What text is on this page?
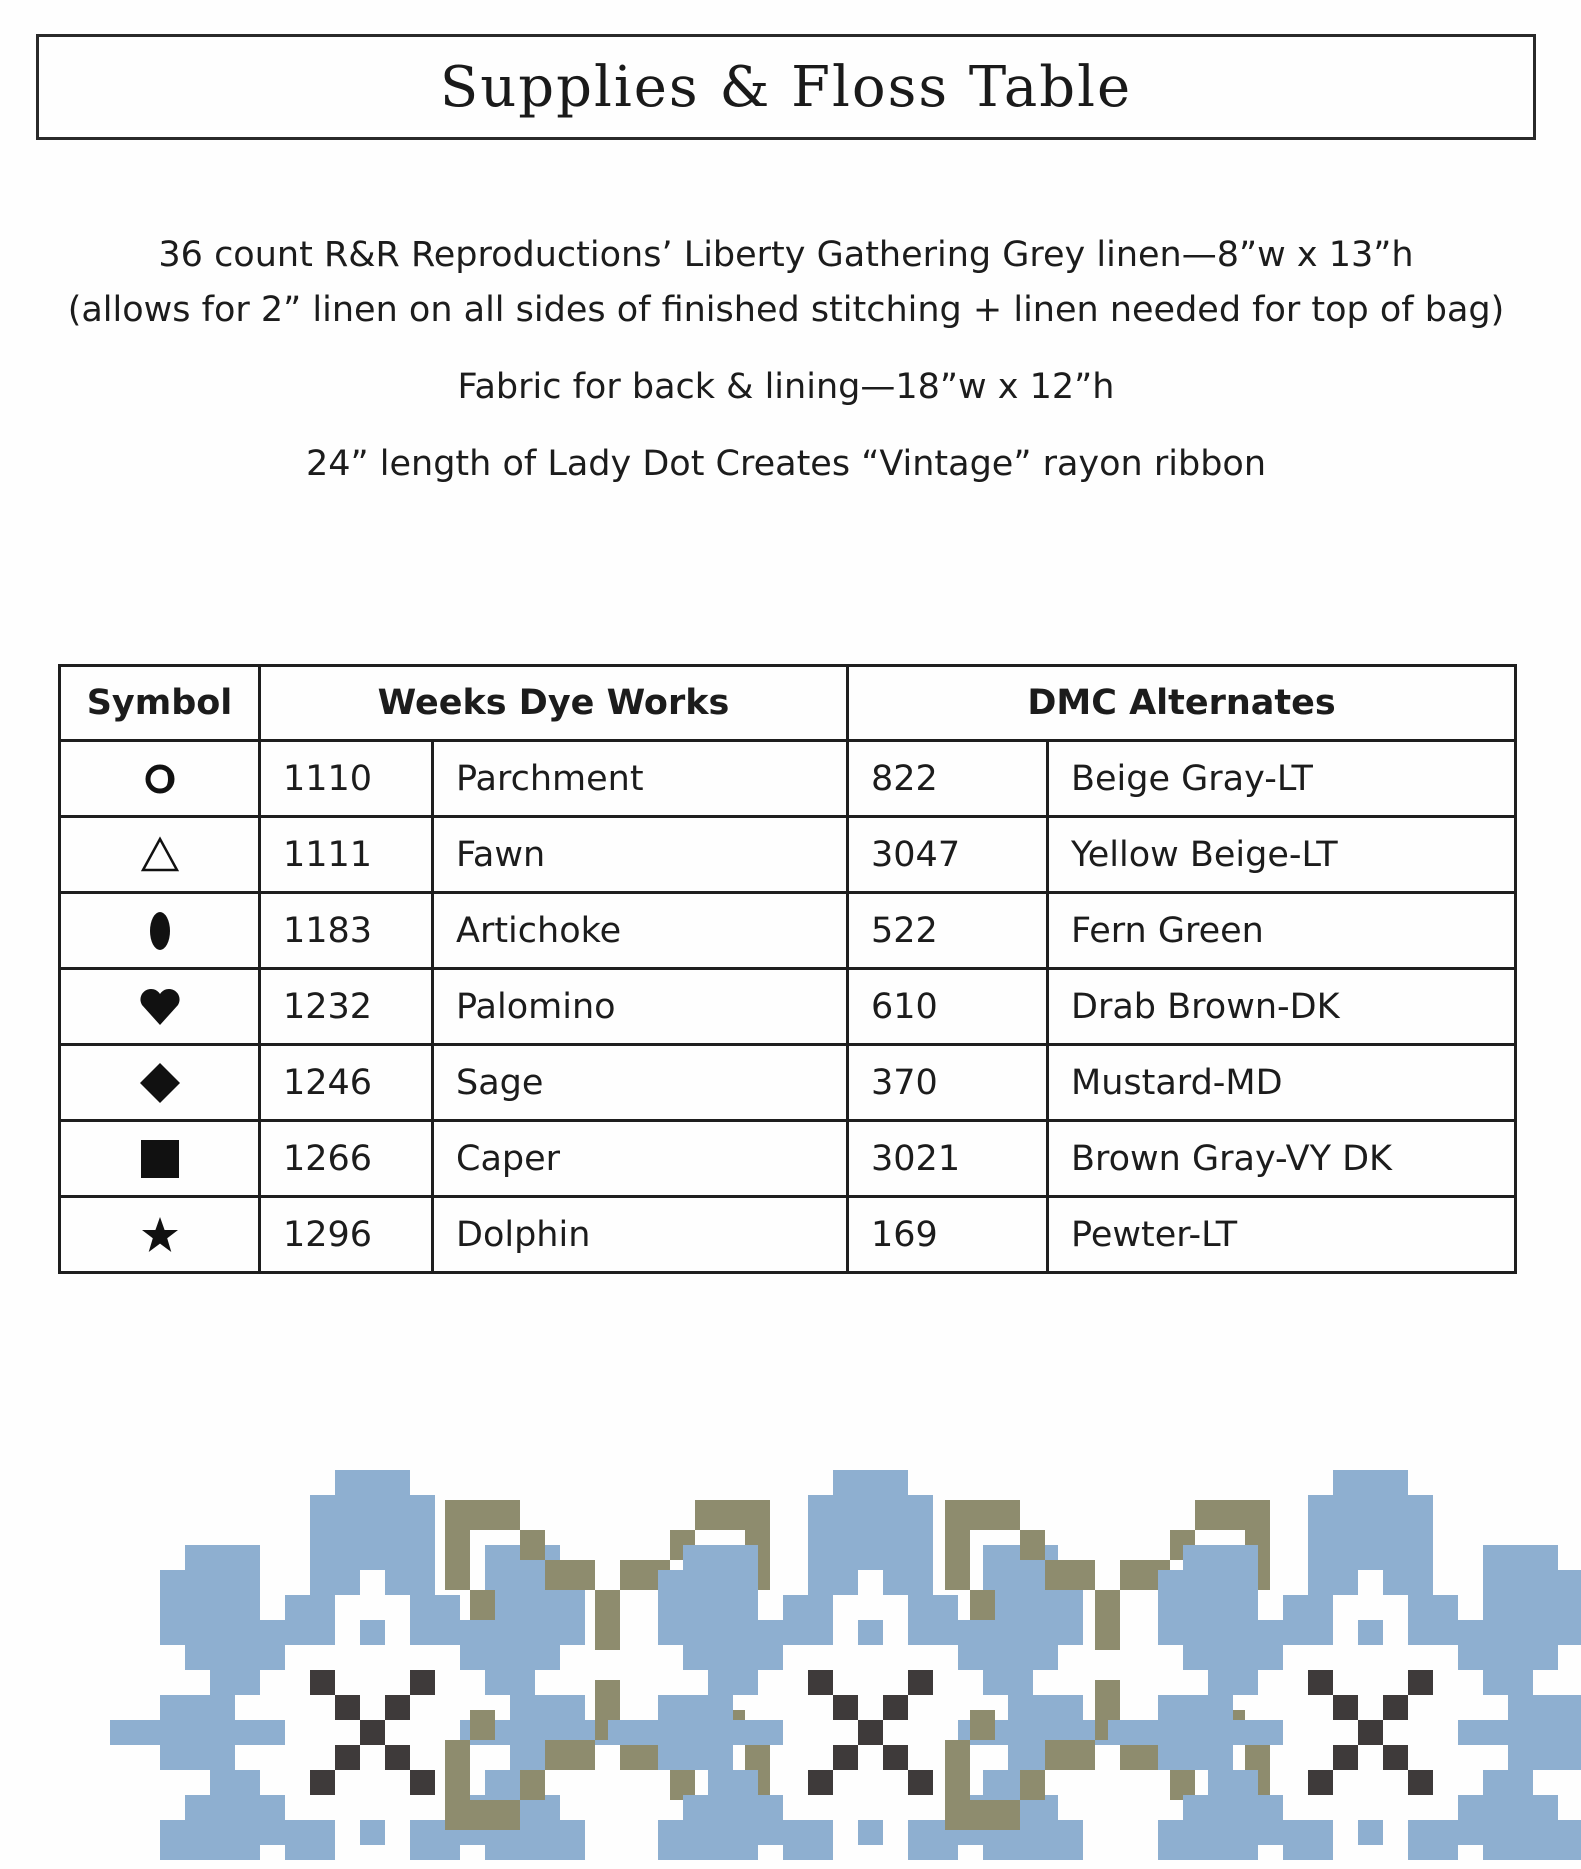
Supplies & Floss Table

36 count R&R Reproductions’ Liberty Gathering Grey linen—8”w x 13”h

(allows for 2” linen on all sides of finished stitching + linen needed for top of bag)

Fabric for back & lining—18”w x 12”h

24” length of Lady Dot Creates “Vintage” rayon ribbon

Symbol	Weeks Dye Works		DMC Alternates	
	1110	Parchment	822	Beige Gray-LT
	1111	Fawn	3047	Yellow Beige-LT
	1183	Artichoke	522	Fern Green
	1232	Palomino	610	Drab Brown-DK
	1246	Sage	370	Mustard-MD
	1266	Caper	3021	Brown Gray-VY DK
	1296	Dolphin	169	Pewter-LT
